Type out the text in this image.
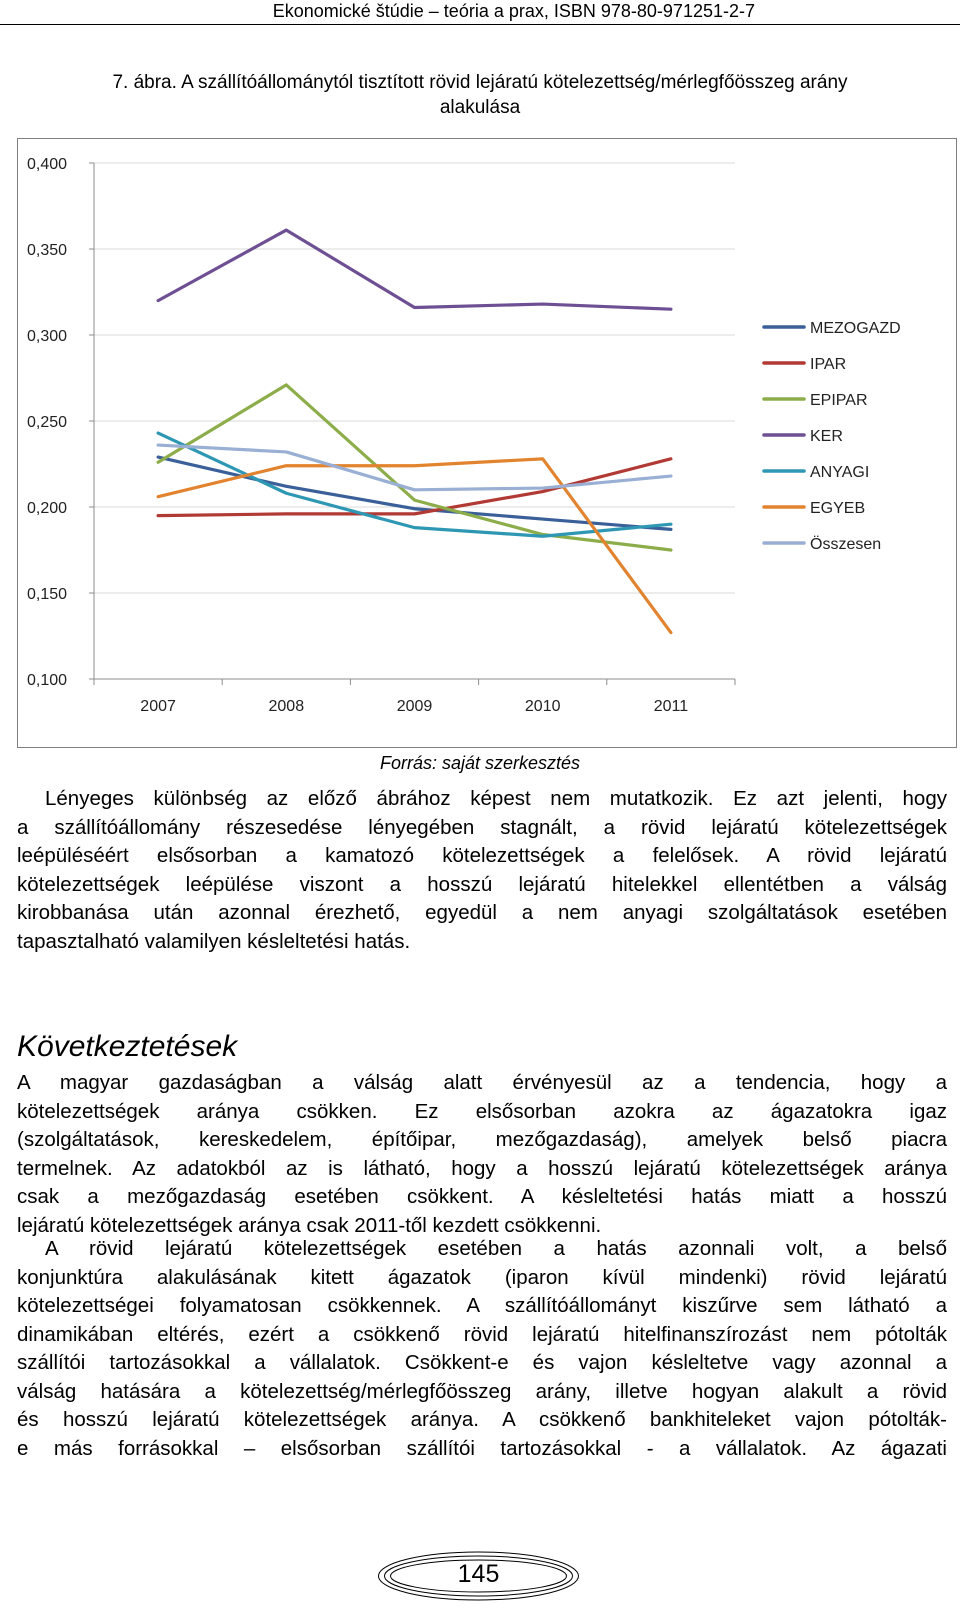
Ekonomické štúdie – teória a prax, ISBN 978-80-971251-2-7
7. ábra. A szállítóállománytól tisztított rövid lejáratú kötelezettség/mérlegfőösszeg arány
alakulása
0,400
0,350
0,300
0,250
0,200
0,150
0,100
2007	2008	2009	2010	2011
MEZOGAZD
IPAR
EPIPAR
KER
ANYAGI
EGYEB
Összesen
Forrás: saját szerkesztés
Lényeges különbség az előző ábrához képest nem mutatkozik. Ez azt jelenti, hogy
a szállítóállomány részesedése lényegében stagnált, a rövid lejáratú kötelezettségek
leépüléséért elsősorban a kamatozó kötelezettségek a felelősek. A rövid lejáratú
kötelezettségek leépülése viszont a hosszú lejáratú hitelekkel ellentétben a válság
kirobbanása után azonnal érezhető, egyedül a nem anyagi szolgáltatások esetében
tapasztalható valamilyen késleltetési hatás.
Következtetések
A magyar gazdaságban a válság alatt érvényesül az a tendencia, hogy a
kötelezettségek aránya csökken. Ez elsősorban azokra az ágazatokra igaz
(szolgáltatások, kereskedelem, építőipar, mezőgazdaság), amelyek belső piacra
termelnek. Az adatokból az is látható, hogy a hosszú lejáratú kötelezettségek aránya
csak a mezőgazdaság esetében csökkent. A késleltetési hatás miatt a hosszú
lejáratú kötelezettségek aránya csak 2011-től kezdett csökkenni.
A rövid lejáratú kötelezettségek esetében a hatás azonnali volt, a belső
konjunktúra alakulásának kitett ágazatok (iparon kívül mindenki) rövid lejáratú
kötelezettségei folyamatosan csökkennek. A szállítóállományt kiszűrve sem látható a
dinamikában eltérés, ezért a csökkenő rövid lejáratú hitelfinanszírozást nem pótolták
szállítói tartozásokkal a vállalatok. Csökkent-e és vajon késleltetve vagy azonnal a
válság hatására a kötelezettség/mérlegfőösszeg arány, illetve hogyan alakult a rövid
és hosszú lejáratú kötelezettségek aránya. A csökkenő bankhiteleket vajon pótolták-
e más forrásokkal – elsősorban szállítói tartozásokkal - a vállalatok. Az ágazati
145
